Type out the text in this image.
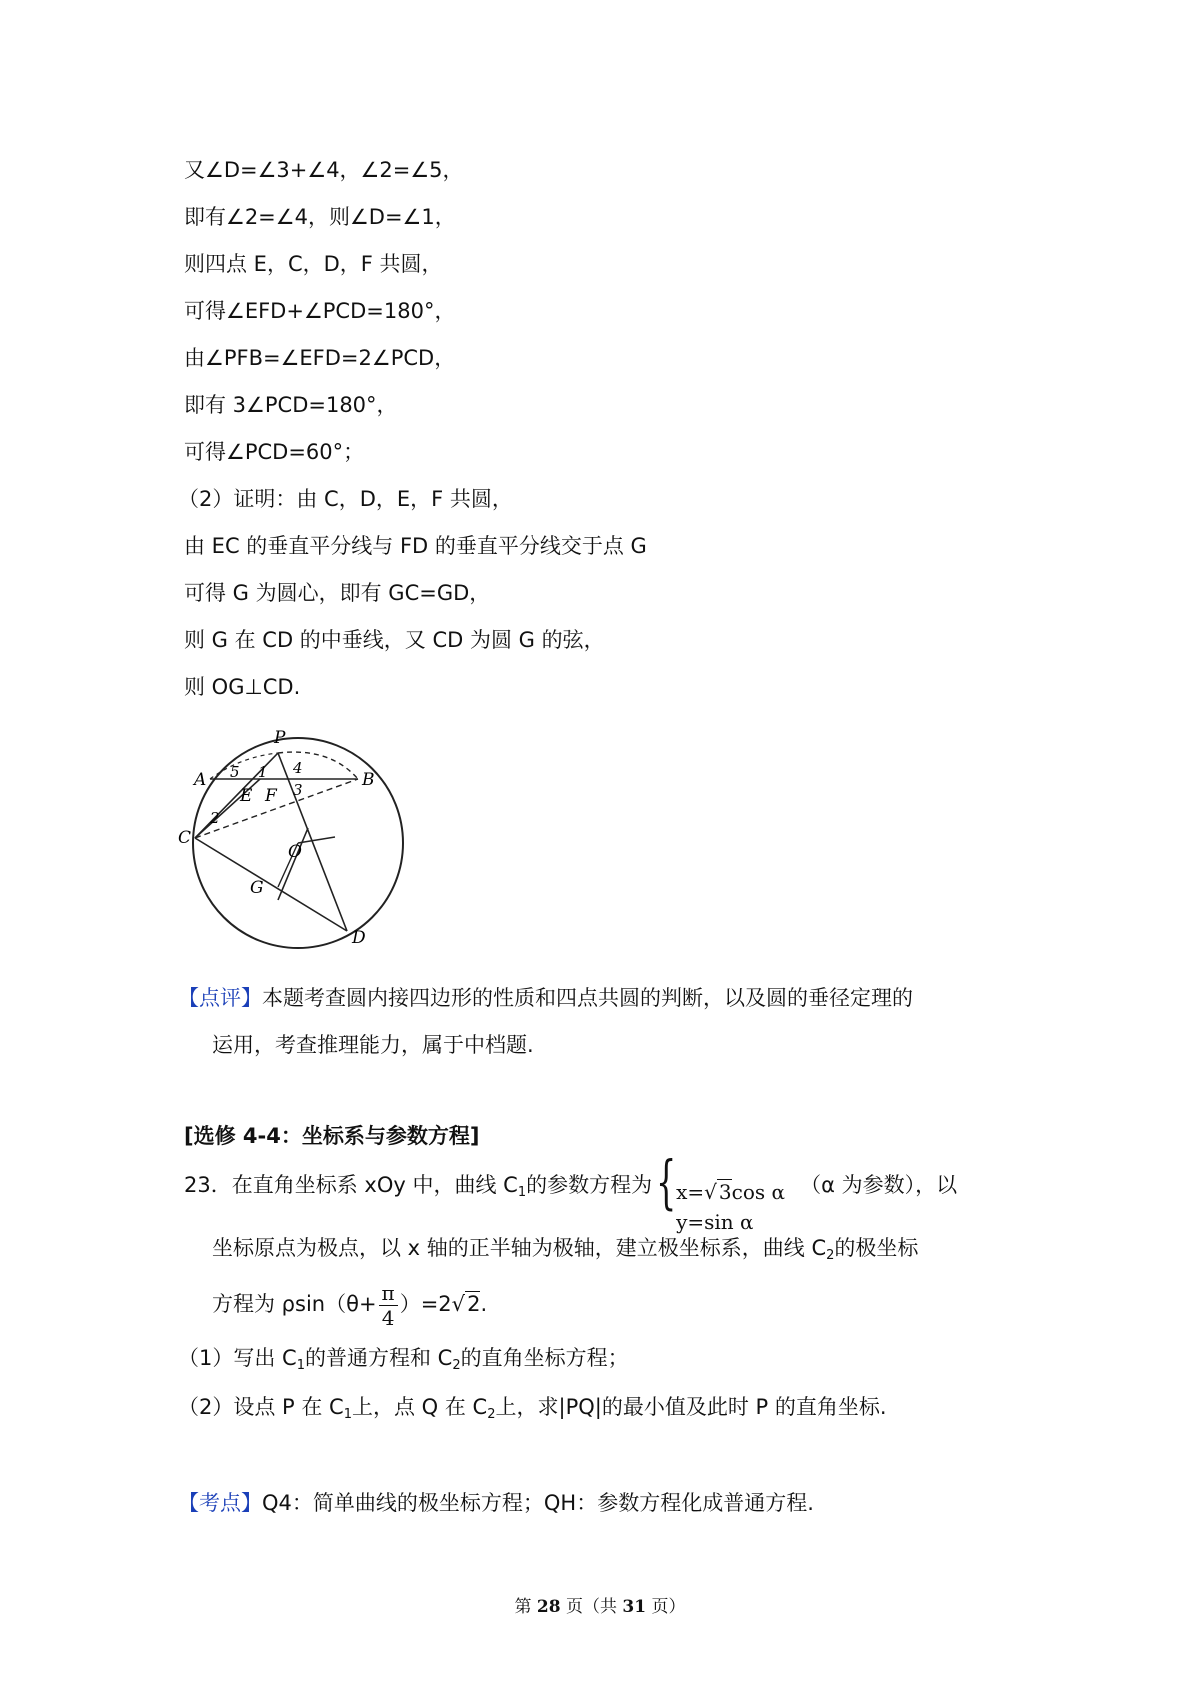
又∠D=∠3+∠4，∠2=∠5，
即有∠2=∠4，则∠D=∠1，
则四点 E，C，D，F 共圆，
可得∠EFD+∠PCD=180°，
由∠PFB=∠EFD=2∠PCD，
即有 3∠PCD=180°，
可得∠PCD=60°；
（2）证明：由 C，D，E，F 共圆，
由 EC 的垂直平分线与 FD 的垂直平分线交于点 G
可得 G 为圆心，即有 GC=GD，
则 G 在 CD 的中垂线，又 CD 为圆 G 的弦，
则 OG⊥CD.
P
A	B
C
D
E F
O
G
1
2
3
4
5
【点评】本题考查圆内接四边形的性质和四点共圆的判断，以及圆的垂径定理的
运用，考查推理能力，属于中档题.
[选修 4-4：坐标系与参数方程]
23．在直角坐标系 xOy 中，曲线 $C_1$的参数方程为 { x=√ 3cos α
y=sin α
（α 为参数），以
坐标原点为极点，以 x 轴的正半轴为极轴，建立极坐标系，曲线 $C_2$的极坐标
方程为 $\rho\sin(\theta+ \frac{\pi}{4} )=2√2$.
（1）写出 $C_1$的普通方程和 $C_2$的直角坐标方程；
（2）设点 P 在 $C_1$上，点 Q 在 $C_2$上，求|PQ|的最小值及此时 P 的直角坐标.
【考点】Q4：简单曲线的极坐标方程；QH：参数方程化成普通方程.
第 28 页（共 31 页）
